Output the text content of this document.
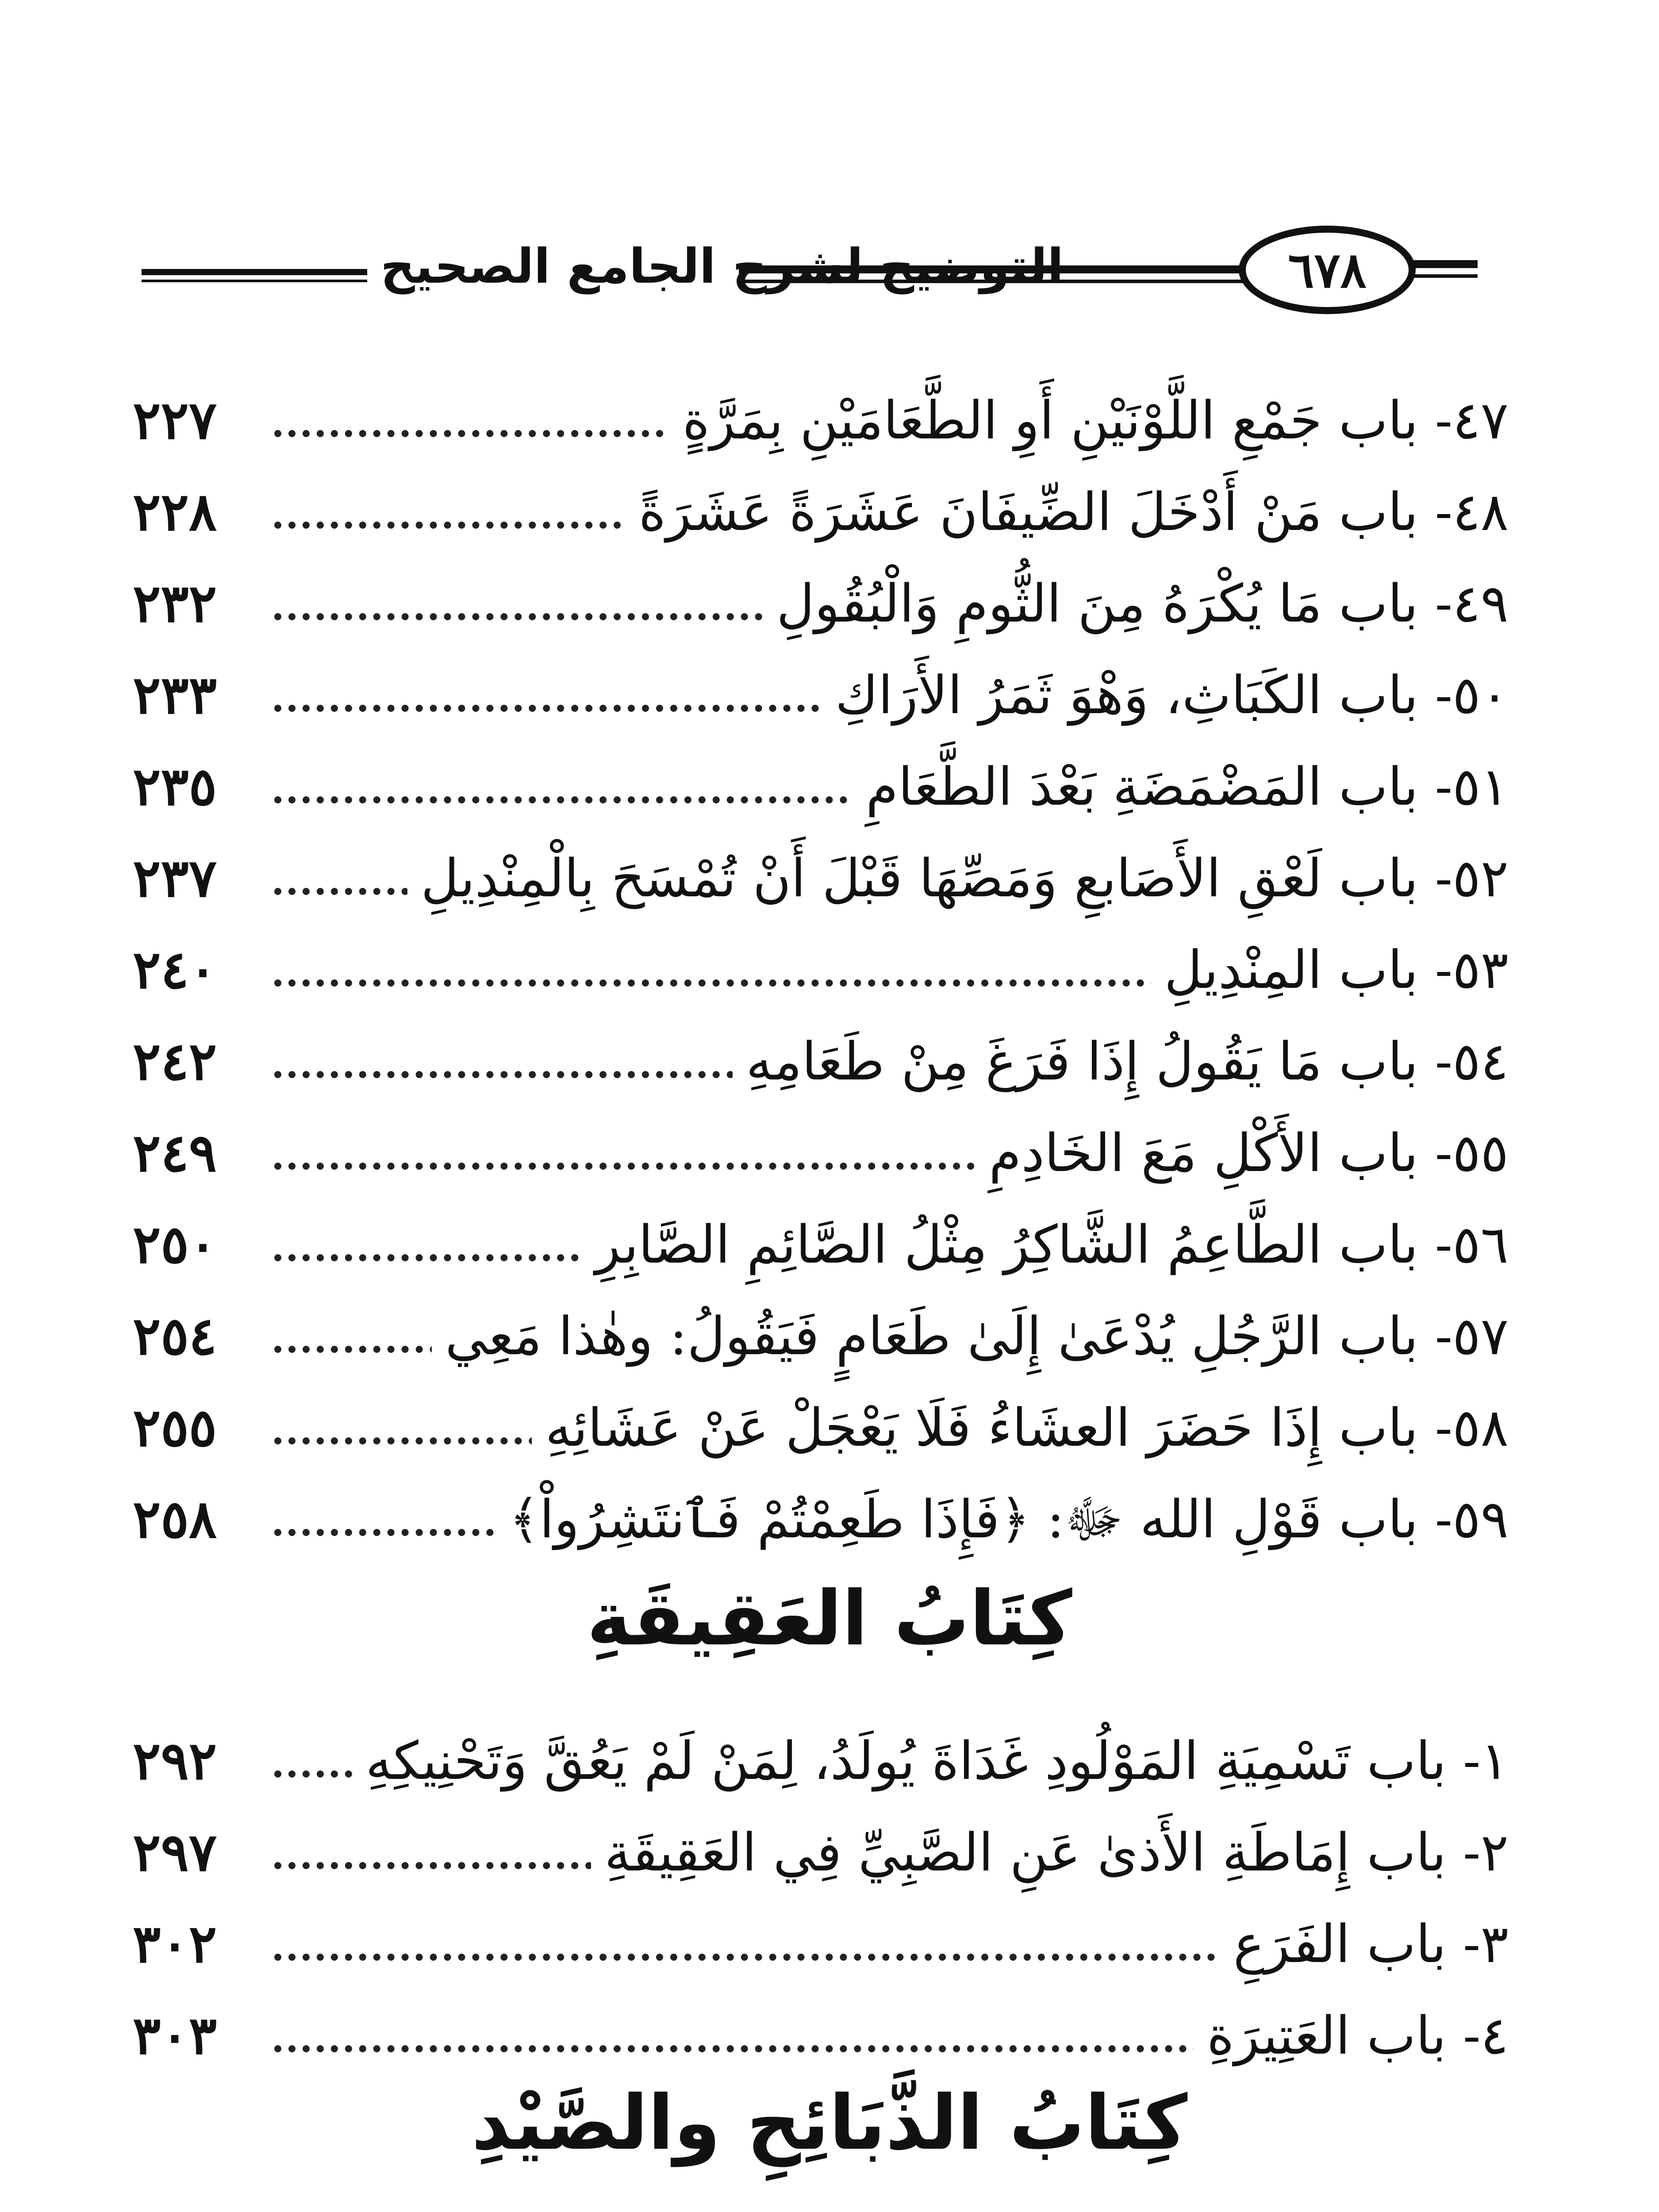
التوضيح لشرح الجامع الصحيح	٦٧٨
٤٧- باب جَمْعِ اللَّوْنَيْنِ أَوِ الطَّعَامَيْنِ بِمَرَّةٍ
٢٢٧
٤٨- باب مَنْ أَدْخَلَ الضِّيفَانَ عَشَرَةً عَشَرَةً
٢٢٨
٤٩- باب مَا يُكْرَهُ مِنَ الثُّومِ وَالْبُقُولِ
٢٣٢
٥٠- باب الكَبَاثِ، وَهْوَ ثَمَرُ الأَرَاكِ
٢٣٣
٥١- باب المَضْمَضَةِ بَعْدَ الطَّعَامِ
٢٣٥
٥٢- باب لَعْقِ الأَصَابعِ وَمَصِّهَا قَبْلَ أَنْ تُمْسَحَ بِالْمِنْدِيلِ
٢٣٧
٥٣- باب المِنْدِيلِ
٢٤٠
٥٤- باب مَا يَقُولُ إِذَا فَرَغَ مِنْ طَعَامِهِ
٢٤٢
٥٥- باب الأَكْلِ مَعَ الخَادِمِ
٢٤٩
٥٦- باب الطَّاعِمُ الشَّاكِرُ مِثْلُ الصَّائِمِ الصَّابِرِ
٢٥٠
٥٧- باب الرَّجُلِ يُدْعَىٰ إِلَىٰ طَعَامٍ فَيَقُولُ: وهٰذا مَعِي
٢٥٤
٥٨- باب إِذَا حَضَرَ العشَاءُ فَلَا يَعْجَلْ عَنْ عَشَائِهِ
٢٥٥
٥٩- باب قَوْلِ الله ﷻ: ﴿فَإِذَا طَعِمْتُمْ فَٱنتَشِرُواْ﴾
٢٥٨
كِتَابُ العَقِيقَةِ
١- باب تَسْمِيَةِ المَوْلُودِ غَدَاةَ يُولَدُ، لِمَنْ لَمْ يَعُقَّ وَتَحْنِيكِهِ
٢٩٢
٢- باب إِمَاطَةِ الأَذىٰ عَنِ الصَّبِيِّ فِي العَقِيقَةِ
٢٩٧
٣- باب الفَرَعِ
٣٠٢
٤- باب العَتِيرَةِ
٣٠٣
كِتَابُ الذَّبَائِحِ والصَّيْدِ
